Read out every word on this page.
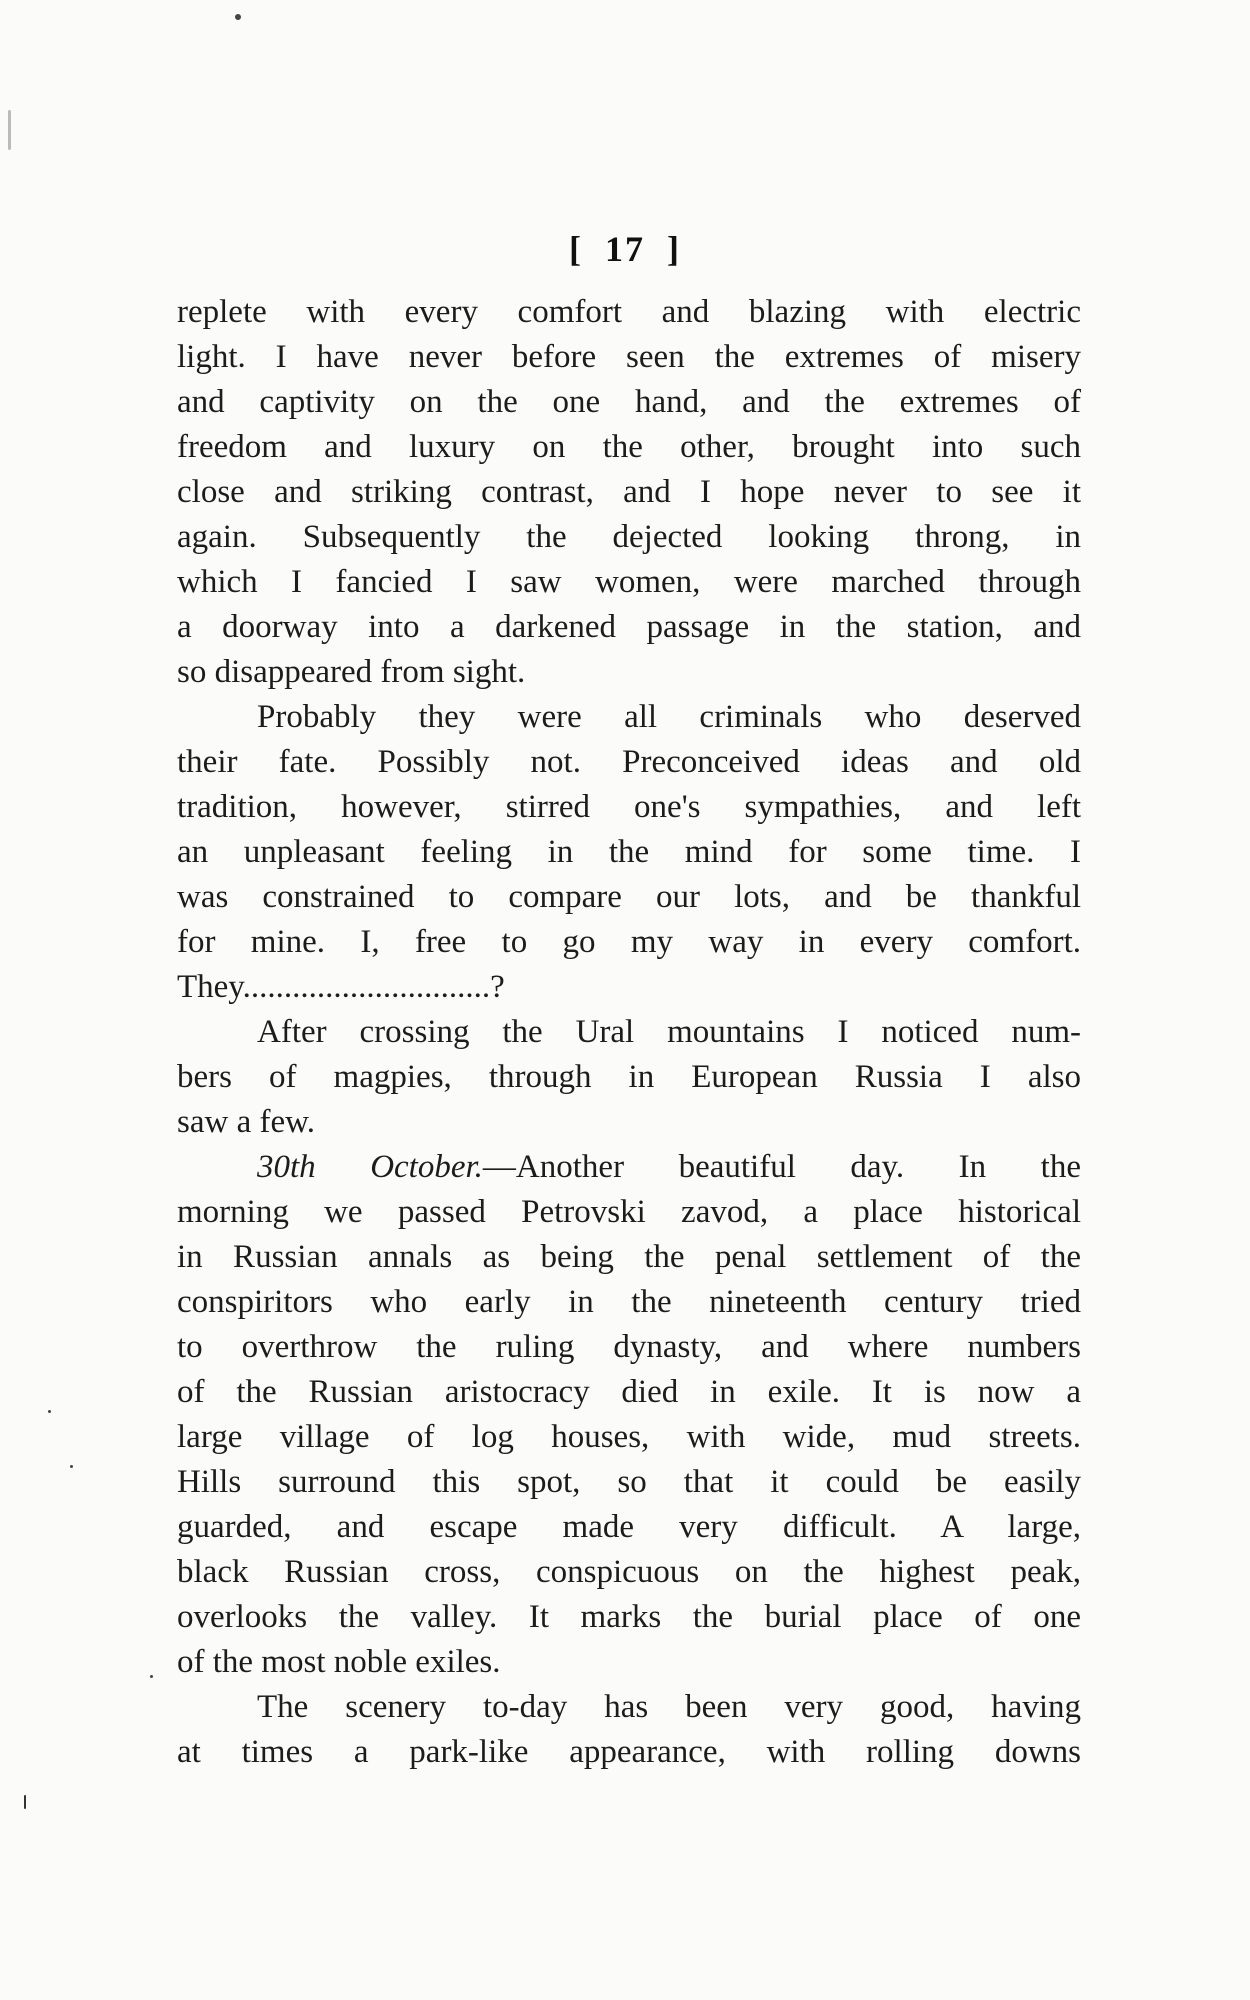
[ 17 ]

replete with every comfort and blazing with electric
light. I have never before seen the extremes of misery
and captivity on the one hand, and the extremes of
freedom and luxury on the other, brought into such
close and striking contrast, and I hope never to see it
again. Subsequently the dejected looking throng, in
which I fancied I saw women, were marched through
a doorway into a darkened passage in the station, and
so disappeared from sight.

Probably they were all criminals who deserved
their fate. Possibly not. Preconceived ideas and old
tradition, however, stirred one's sympathies, and left
an unpleasant feeling in the mind for some time. I
was constrained to compare our lots, and be thankful
for mine. I, free to go my way in every comfort.
They..............................?

After crossing the Ural mountains I noticed num-
bers of magpies, through in European Russia I also
saw a few.

30th October.—Another beautiful day. In the
morning we passed Petrovski zavod, a place historical
in Russian annals as being the penal settlement of the
conspiritors who early in the nineteenth century tried
to overthrow the ruling dynasty, and where numbers
of the Russian aristocracy died in exile. It is now a
large village of log houses, with wide, mud streets.
Hills surround this spot, so that it could be easily
guarded, and escape made very difficult. A large,
black Russian cross, conspicuous on the highest peak,
overlooks the valley. It marks the burial place of one
of the most noble exiles.

The scenery to-day has been very good, having
at times a park-like appearance, with rolling downs
